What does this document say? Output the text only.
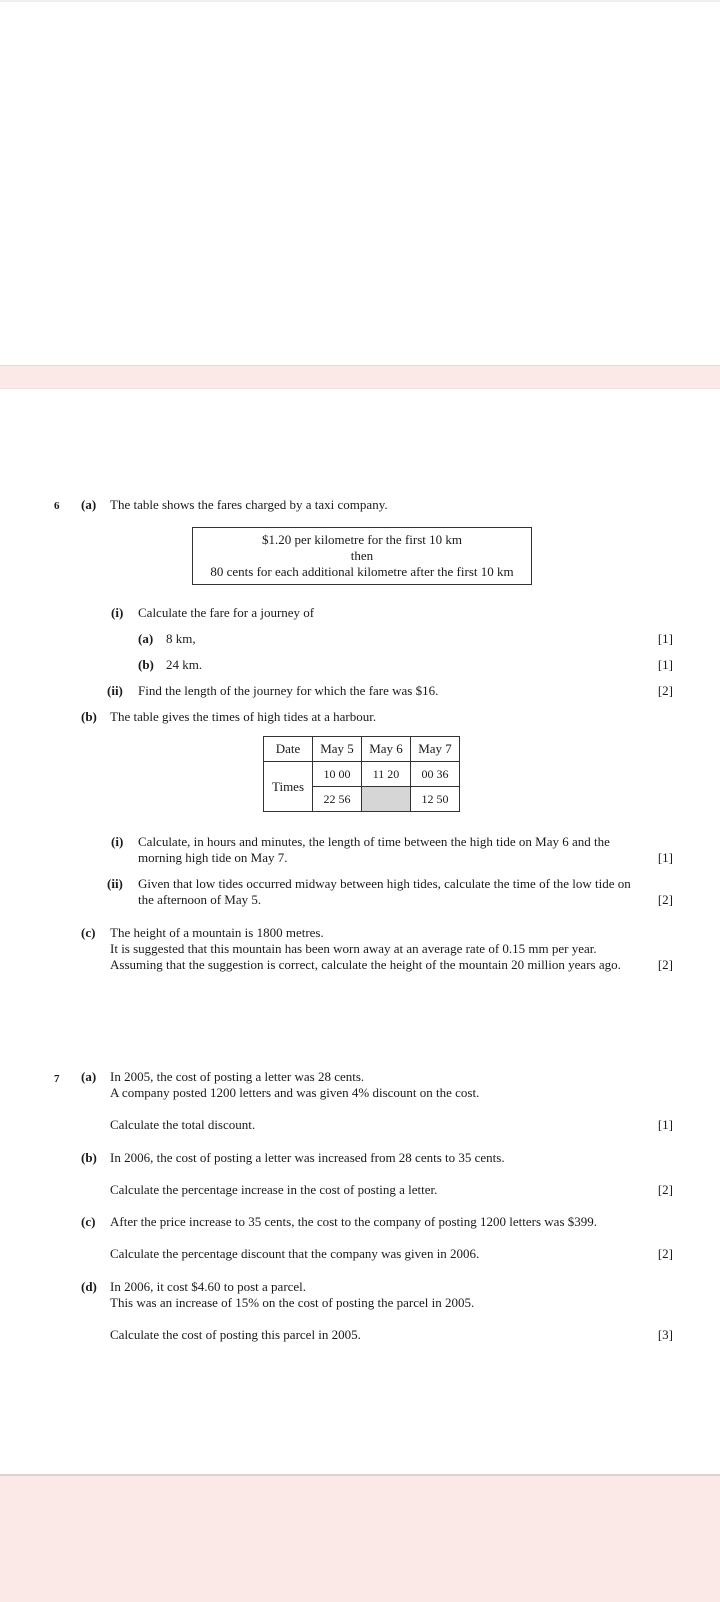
6 (a) The table shows the fares charged by a taxi company.
$1.20 per kilometre for the first 10 km
then
80 cents for each additional kilometre after the first 10 km
(i) Calculate the fare for a journey of
(a) 8 km,	[1]
(b) 24 km.	[1]
(ii) Find the length of the journey for which the fare was $16.	[2]
(b) The table gives the times of high tides at a harbour.
Date	May 5	May 6	May 7
Times	10 00	11 20	00 36
	22 56		12 50
(i) Calculate, in hours and minutes, the length of time between the high tide on May 6 and the
morning high tide on May 7.	[1]
(ii) Given that low tides occurred midway between high tides, calculate the time of the low tide on
the afternoon of May 5.	[2]
(c) The height of a mountain is 1800 metres.
It is suggested that this mountain has been worn away at an average rate of 0.15 mm per year.
Assuming that the suggestion is correct, calculate the height of the mountain 20 million years ago.	[2]
7 (a) In 2005, the cost of posting a letter was 28 cents.
A company posted 1200 letters and was given 4% discount on the cost.
Calculate the total discount.	[1]
(b) In 2006, the cost of posting a letter was increased from 28 cents to 35 cents.
Calculate the percentage increase in the cost of posting a letter.	[2]
(c) After the price increase to 35 cents, the cost to the company of posting 1200 letters was $399.
Calculate the percentage discount that the company was given in 2006.	[2]
(d) In 2006, it cost $4.60 to post a parcel.
This was an increase of 15% on the cost of posting the parcel in 2005.
Calculate the cost of posting this parcel in 2005.	[3]
